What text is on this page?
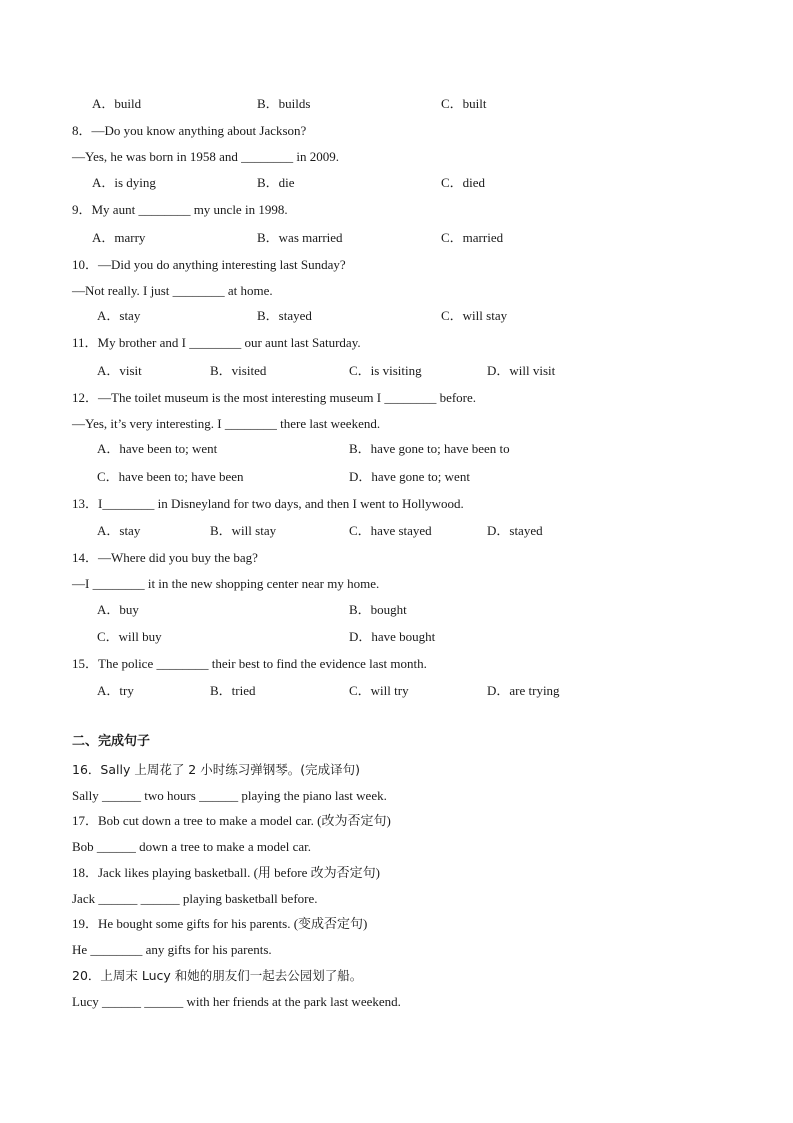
A．build	B．builds	C．built
8．—Do you know anything about Jackson?
—Yes, he was born in 1958 and ________ in 2009.
A．is dying	B．die	C．died
9．My aunt ________ my uncle in 1998.
A．marry	B．was married	C．married
10．—Did you do anything interesting last Sunday?
—Not really. I just ________ at home.
A．stay	B．stayed	C．will stay
11．My brother and I ________ our aunt last Saturday.
A．visit	B．visited	C．is visiting	D．will visit
12．—The toilet museum is the most interesting museum I ________ before.
—Yes, it’s very interesting. I ________ there last weekend.
A．have been to; went	B．have gone to; have been to
C．have been to; have been	D．have gone to; went
13．I________ in Disneyland for two days, and then I went to Hollywood.
A．stay	B．will stay	C．have stayed	D．stayed
14．—Where did you buy the bag?
—I ________ it in the new shopping center near my home.
A．buy	B．bought
C．will buy	D．have bought
15．The police ________ their best to find the evidence last month.
A．try	B．tried	C．will try	D．are trying
二、完成句子
16．Sally 上周花了 2 小时练习弹钢琴。(完成译句)
Sally ______ two hours ______ playing the piano last week.
17．Bob cut down a tree to make a model car. (改为否定句)
Bob ______ down a tree to make a model car.
18．Jack likes playing basketball. (用 before 改为否定句)
Jack ______ ______ playing basketball before.
19．He bought some gifts for his parents. (变成否定句)
He ________ any gifts for his parents.
20．上周末 Lucy 和她的朋友们一起去公园划了船。
Lucy ______ ______ with her friends at the park last weekend.
